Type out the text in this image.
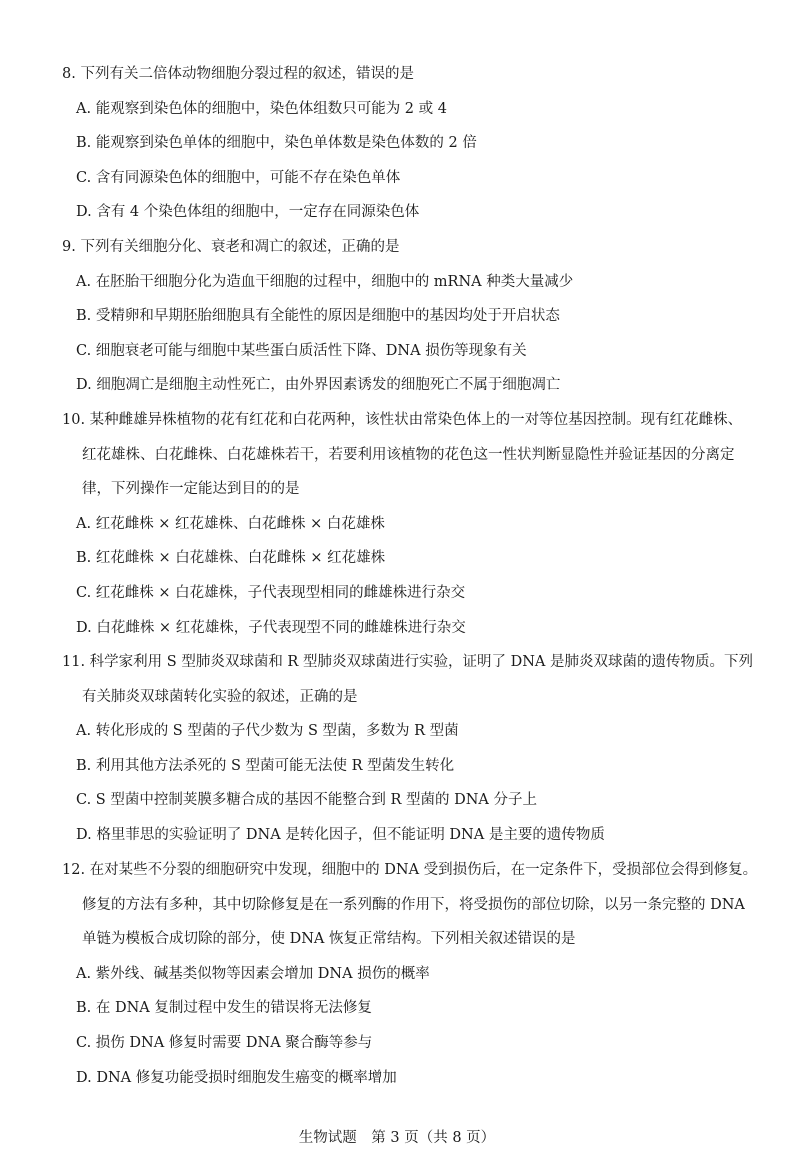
8. 下列有关二倍体动物细胞分裂过程的叙述，错误的是
A. 能观察到染色体的细胞中，染色体组数只可能为 2 或 4
B. 能观察到染色单体的细胞中，染色单体数是染色体数的 2 倍
C. 含有同源染色体的细胞中，可能不存在染色单体
D. 含有 4 个染色体组的细胞中，一定存在同源染色体
9. 下列有关细胞分化、衰老和凋亡的叙述，正确的是
A. 在胚胎干细胞分化为造血干细胞的过程中，细胞中的 mRNA 种类大量减少
B. 受精卵和早期胚胎细胞具有全能性的原因是细胞中的基因均处于开启状态
C. 细胞衰老可能与细胞中某些蛋白质活性下降、DNA 损伤等现象有关
D. 细胞凋亡是细胞主动性死亡，由外界因素诱发的细胞死亡不属于细胞凋亡
10. 某种雌雄异株植物的花有红花和白花两种，该性状由常染色体上的一对等位基因控制。现有红花雌株、
红花雄株、白花雌株、白花雄株若干，若要利用该植物的花色这一性状判断显隐性并验证基因的分离定
律，下列操作一定能达到目的的是
A. 红花雌株 × 红花雄株、白花雌株 × 白花雄株
B. 红花雌株 × 白花雄株、白花雌株 × 红花雄株
C. 红花雌株 × 白花雄株，子代表现型相同的雌雄株进行杂交
D. 白花雌株 × 红花雄株，子代表现型不同的雌雄株进行杂交
11. 科学家利用 S 型肺炎双球菌和 R 型肺炎双球菌进行实验，证明了 DNA 是肺炎双球菌的遗传物质。下列
有关肺炎双球菌转化实验的叙述，正确的是
A. 转化形成的 S 型菌的子代少数为 S 型菌，多数为 R 型菌
B. 利用其他方法杀死的 S 型菌可能无法使 R 型菌发生转化
C. S 型菌中控制荚膜多糖合成的基因不能整合到 R 型菌的 DNA 分子上
D. 格里菲思的实验证明了 DNA 是转化因子，但不能证明 DNA 是主要的遗传物质
12. 在对某些不分裂的细胞研究中发现，细胞中的 DNA 受到损伤后，在一定条件下，受损部位会得到修复。
修复的方法有多种，其中切除修复是在一系列酶的作用下，将受损伤的部位切除，以另一条完整的 DNA
单链为模板合成切除的部分，使 DNA 恢复正常结构。下列相关叙述错误的是
A. 紫外线、碱基类似物等因素会增加 DNA 损伤的概率
B. 在 DNA 复制过程中发生的错误将无法修复
C. 损伤 DNA 修复时需要 DNA 聚合酶等参与
D. DNA 修复功能受损时细胞发生癌变的概率增加
生物试题　第 3 页（共 8 页）
